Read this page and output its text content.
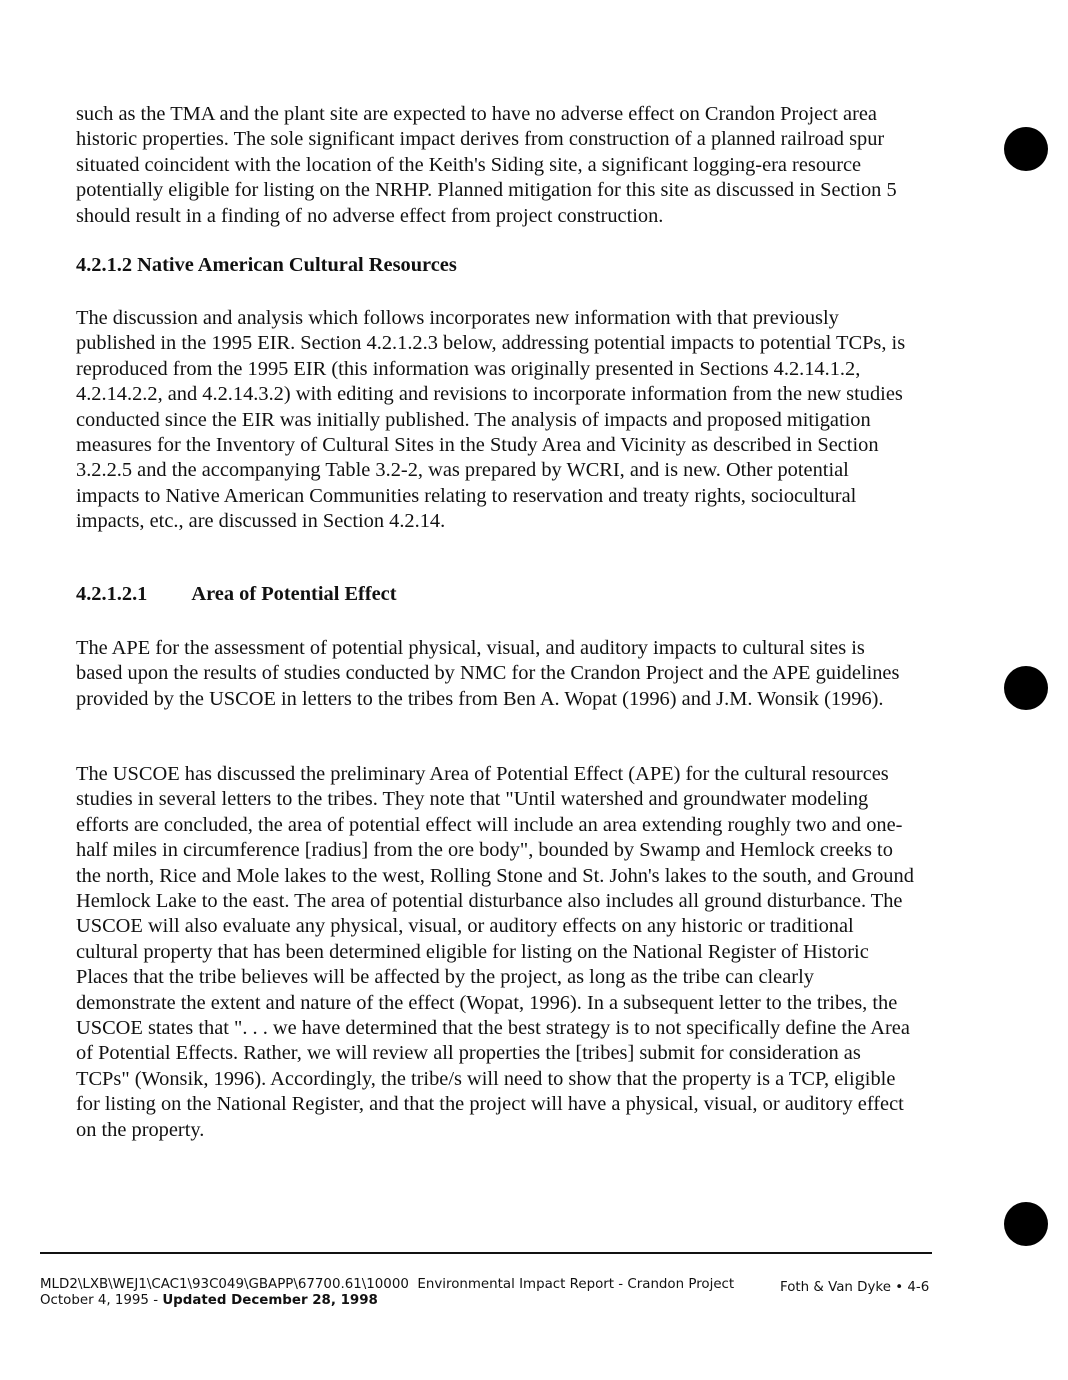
such as the TMA and the plant site are expected to have no adverse effect on Crandon Project area historic properties. The sole significant impact derives from construction of a planned railroad spur situated coincident with the location of the Keith's Siding site, a significant logging-era resource potentially eligible for listing on the NRHP. Planned mitigation for this site as discussed in Section 5 should result in a finding of no adverse effect from project construction.

4.2.1.2 Native American Cultural Resources

The discussion and analysis which follows incorporates new information with that previously published in the 1995 EIR. Section 4.2.1.2.3 below, addressing potential impacts to potential TCPs, is reproduced from the 1995 EIR (this information was originally presented in Sections 4.2.14.1.2, 4.2.14.2.2, and 4.2.14.3.2) with editing and revisions to incorporate information from the new studies conducted since the EIR was initially published. The analysis of impacts and proposed mitigation measures for the Inventory of Cultural Sites in the Study Area and Vicinity as described in Section 3.2.2.5 and the accompanying Table 3.2-2, was prepared by WCRI, and is new. Other potential impacts to Native American Communities relating to reservation and treaty rights, sociocultural impacts, etc., are discussed in Section 4.2.14.

4.2.1.2.1 Area of Potential Effect

The APE for the assessment of potential physical, visual, and auditory impacts to cultural sites is based upon the results of studies conducted by NMC for the Crandon Project and the APE guidelines provided by the USCOE in letters to the tribes from Ben A. Wopat (1996) and J.M. Wonsik (1996).

The USCOE has discussed the preliminary Area of Potential Effect (APE) for the cultural resources studies in several letters to the tribes. They note that "Until watershed and groundwater modeling efforts are concluded, the area of potential effect will include an area extending roughly two and one-half miles in circumference [radius] from the ore body", bounded by Swamp and Hemlock creeks to the north, Rice and Mole lakes to the west, Rolling Stone and St. John's lakes to the south, and Ground Hemlock Lake to the east. The area of potential disturbance also includes all ground disturbance. The USCOE will also evaluate any physical, visual, or auditory effects on any historic or traditional cultural property that has been determined eligible for listing on the National Register of Historic Places that the tribe believes will be affected by the project, as long as the tribe can clearly demonstrate the extent and nature of the effect (Wopat, 1996). In a subsequent letter to the tribes, the USCOE states that ". . . we have determined that the best strategy is to not specifically define the Area of Potential Effects. Rather, we will review all properties the [tribes] submit for consideration as TCPs" (Wonsik, 1996). Accordingly, the tribe/s will need to show that the property is a TCP, eligible for listing on the National Register, and that the project will have a physical, visual, or auditory effect on the property.

MLD2\LXB\WEJ1\CAC1\93C049\GBAPP\67700.61\10000 Environmental Impact Report - Crandon Project
October 4, 1995 - Updated December 28, 1998
Foth & Van Dyke • 4-6
